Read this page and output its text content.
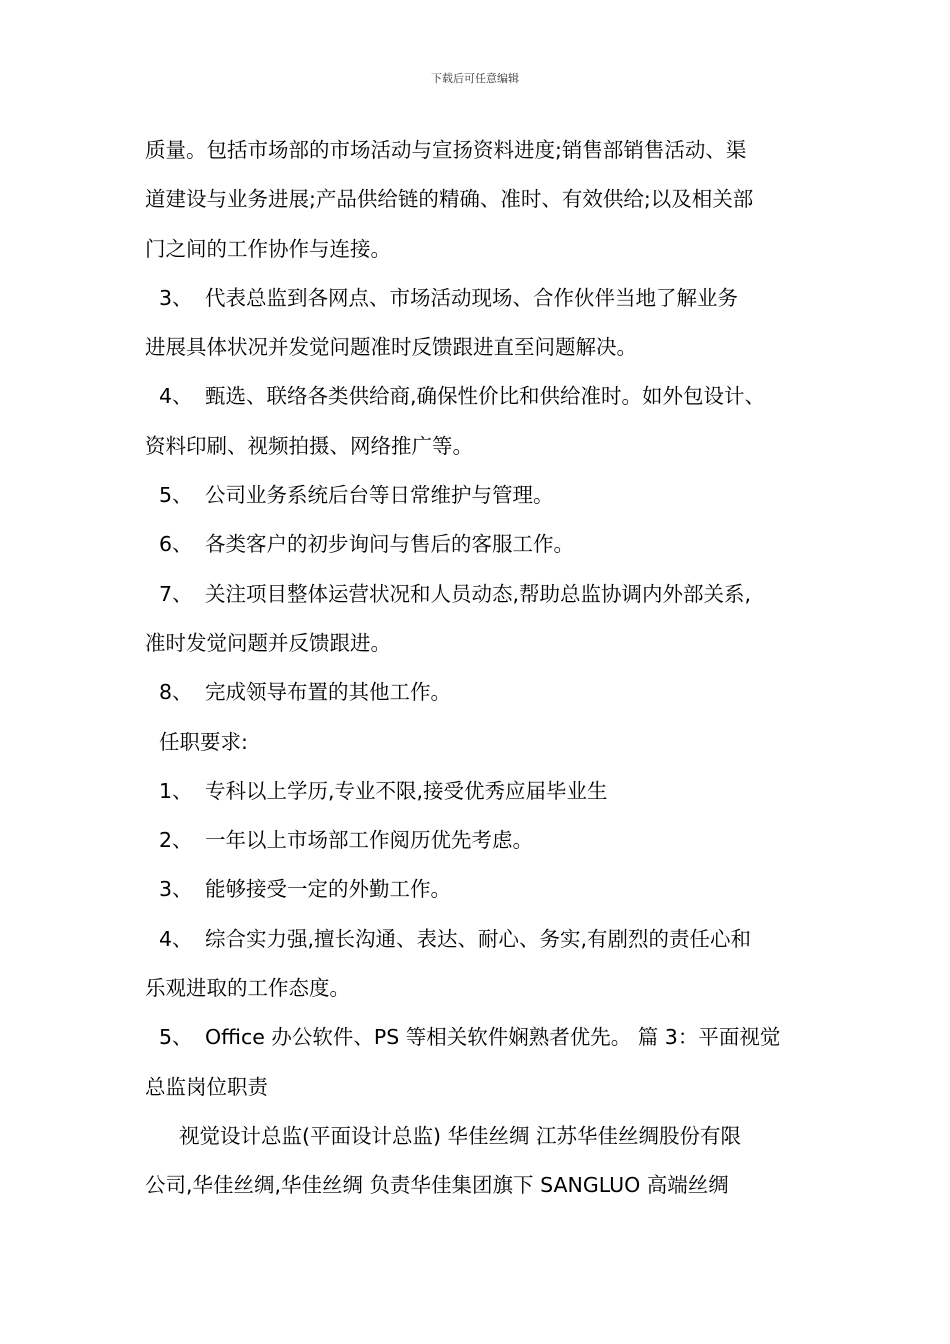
下载后可任意编辑
质量。包括市场部的市场活动与宣扬资料进度;销售部销售活动、渠
道建设与业务进展;产品供给链的精确、准时、有效供给;以及相关部
门之间的工作协作与连接。
3、 代表总监到各网点、市场活动现场、合作伙伴当地了解业务
进展具体状况并发觉问题准时反馈跟进直至问题解决。
4、 甄选、联络各类供给商,确保性价比和供给准时。如外包设计、
资料印刷、视频拍摄、网络推广等。
5、 公司业务系统后台等日常维护与管理。
6、 各类客户的初步询问与售后的客服工作。
7、 关注项目整体运营状况和人员动态,帮助总监协调内外部关系,
准时发觉问题并反馈跟进。
8、 完成领导布置的其他工作。
任职要求:
1、 专科以上学历,专业不限,接受优秀应届毕业生
2、 一年以上市场部工作阅历优先考虑。
3、 能够接受一定的外勤工作。
4、 综合实力强,擅长沟通、表达、耐心、务实,有剧烈的责任心和
乐观进取的工作态度。
5、 Office 办公软件、PS 等相关软件娴熟者优先。 篇 3：平面视觉
总监岗位职责
视觉设计总监(平面设计总监) 华佳丝绸 江苏华佳丝绸股份有限
公司,华佳丝绸,华佳丝绸 负责华佳集团旗下 SANGLUO 高端丝绸
